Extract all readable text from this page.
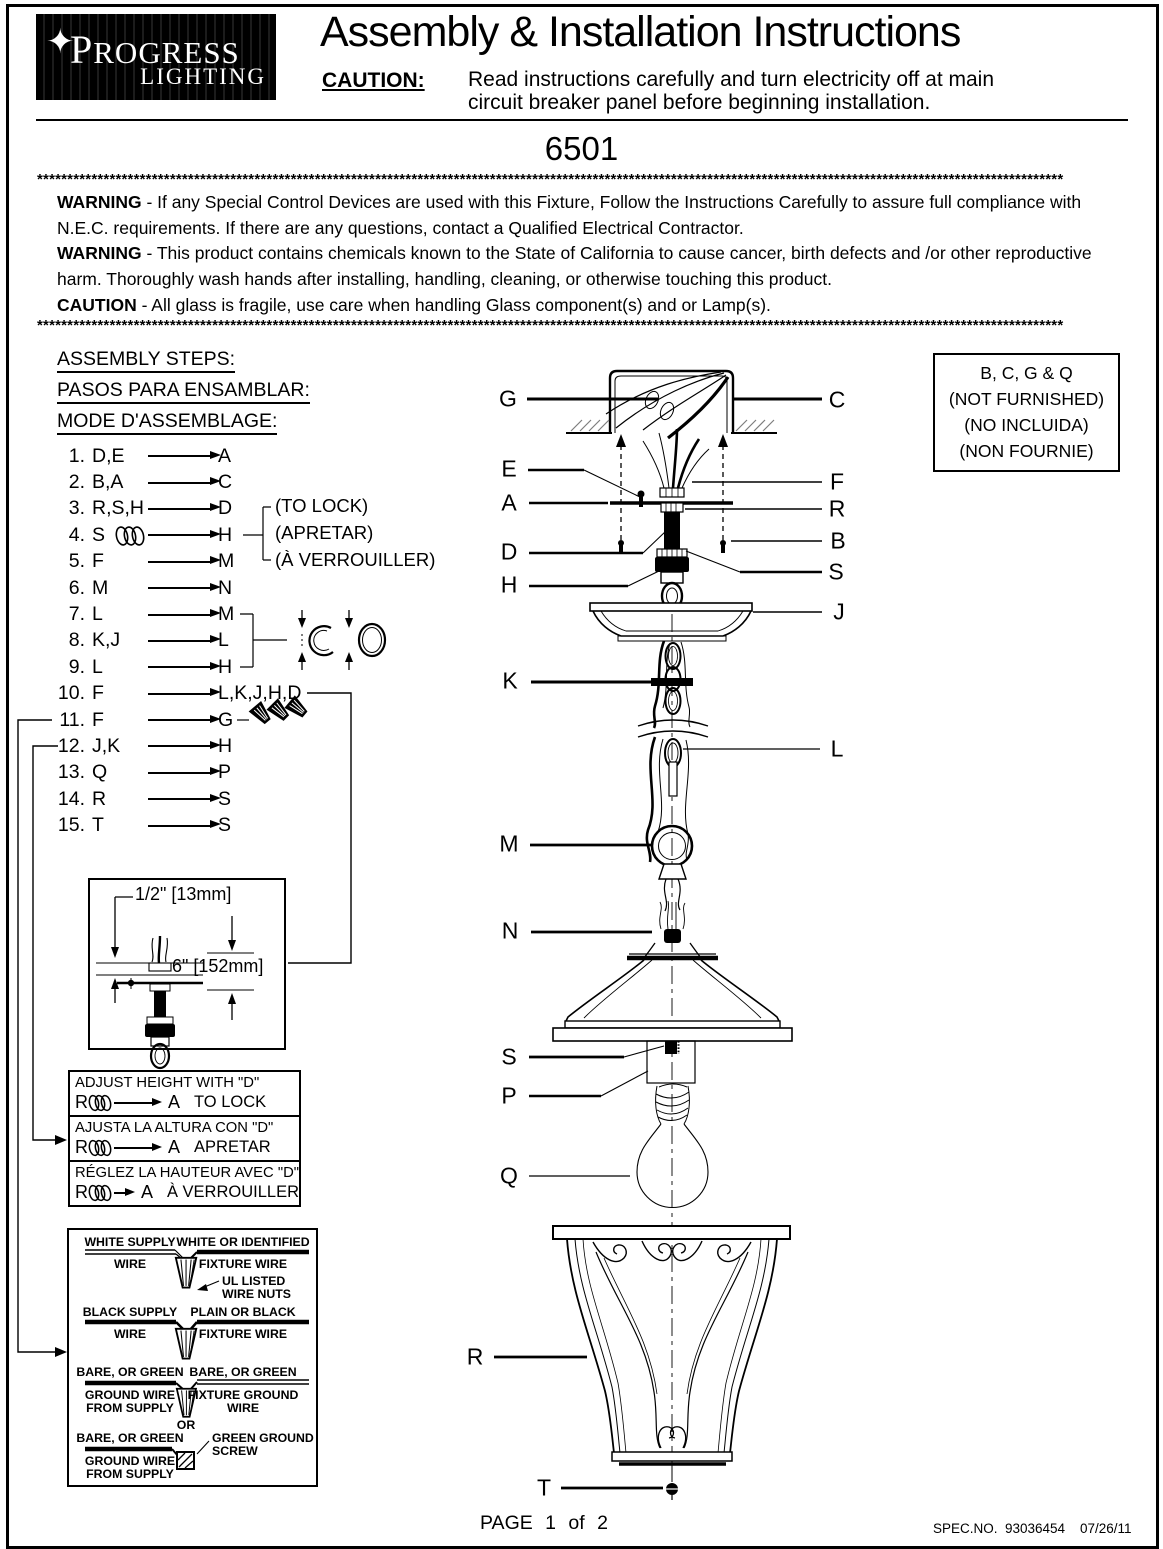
✦
PROGRESS
LIGHTING
Assembly & Installation Instructions
CAUTION: Read instructions carefully and turn electricity off at main
circuit breaker panel before beginning installation.
6501
**************************************************************************************************************************************************************************
**************************************************************************************************************************************************************************

WARNING - If any Special Control Devices are used with this Fixture, Follow the Instructions Carefully to assure full compliance with N.E.C. requirements. If there are any questions, contact a Qualified Electrical Contractor.

WARNING - This product contains chemicals known to the State of California to cause cancer, birth defects and /or other reproductive harm. Thoroughly wash hands after installing, handling, cleaning, or otherwise touching this product.

CAUTION - All glass is fragile, use care when handling Glass component(s) and or Lamp(s).

ASSEMBLY STEPS:
PASOS PARA ENSAMBLAR:
MODE D'ASSEMBLAGE:
1. D,E	A
2. B,A	C
3. R,S,H	D
4. S	H
5. F	M
6. M	N
7. L	M
8. K,J	L
9. L	H
10. F	L,K,J,H,D
11. F	G
12. J,K	H
13. Q	P
14. R	S
15. T	S
(TO LOCK)
(APRETAR)
(À VERROUILLER)
B, C, G & Q
(NOT FURNISHED)
(NO INCLUIDA)
(NON FOURNIE)
G	C
E	F
A	R
D	B
H	S
J
K
L
M
N
S
P
Q
R
T
1/2" [13mm]
6" [152mm]
ADJUST HEIGHT WITH "D"
R	A TO LOCK
AJUSTA LA ALTURA CON "D"
R	A APRETAR
RÉGLEZ LA HAUTEUR AVEC "D"
R	A À VERROUILLER
WHITE SUPPLY WHITE OR IDENTIFIED
WIRE	FIXTURE WIRE
UL LISTED
WIRE NUTS
BLACK SUPPLY PLAIN OR BLACK
WIRE	FIXTURE WIRE
BARE, OR GREEN BARE, OR GREEN
GROUND WIRE
FROM SUPPLY
FIXTURE GROUND
WIRE
OR
BARE, OR GREEN
GROUND WIRE
FROM SUPPLY
GREEN GROUND
SCREW
PAGE 1 of 2	SPEC.NO. 93036454 07/26/11
